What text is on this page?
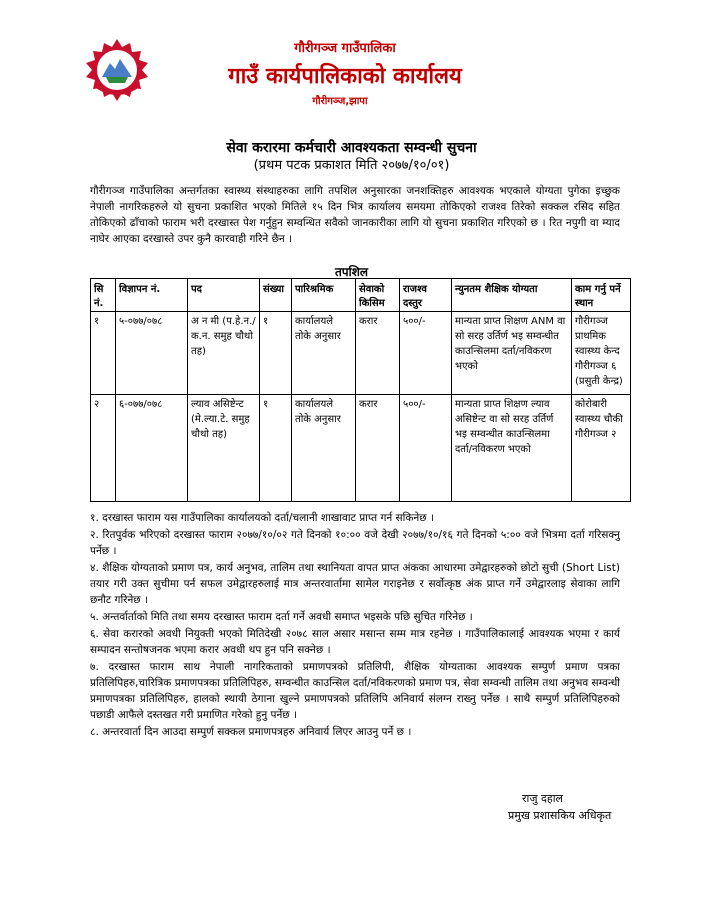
गौरीगञ्ज गाउँपालिका
गाउँ कार्यपालिकाको कार्यालय
गौरीगञ्ज,झापा
सेवा करारमा कर्मचारी आवश्यकता सम्वन्धी सुचना
(प्रथम पटक प्रकाशत मिति २०७७/१०/०१)
गौरीगञ्ज गाउँपालिका अन्तर्गतका स्वास्थ्य संस्थाहरुका लागि तपशिल अनुसारका जनशक्तिहरु आवश्यक भएकाले योग्यता पुगेका इच्छुक नेपाली नागरिकहरुले यो सुचना प्रकाशित भएको मितिले १५ दिन भित्र कार्यालय समयमा तोकिएको राजश्व तिरेको सक्कल रसिद सहित तोकिएको ढाँचाको फाराम भरी दरखास्त पेश गर्नुहुन सम्वन्धित सवैको जानकारीका लागि यो सुचना प्रकाशित गरिएको छ । रित नपुगी वा म्याद नाघेर आएका दरखास्ते उपर कुनै कारवाही गरिने छैन ।
तपशिल
सि नं.	विज्ञापन नं.	पद	संख्या	पारिश्रमिक	सेवाको किसिम	राजश्व दस्तुर	न्युनतम शैक्षिक योग्यता	काम गर्नु पर्ने स्थान
१	५-०७७/०७८	अ न मी (प.हे.न./क.न. समुह चौथो तह)	१	कार्यालयले तोके अनुसार	करार	५००/-	मान्यता प्राप्त शिक्षण ANM वा सो सरह उर्तिर्ण भइ सम्वन्धीत काउन्सिलमा दर्ता/नविकरण भएको	गौरीगञ्ज प्राथमिक स्वास्थ्य केन्द गौरीगञ्ज ६ (प्रसुती केन्द्र)
२	६-०७७/०७८	ल्याव असिष्टेन्ट (मे.ल्या.टे. समुह चौथो तह)	१	कार्यालयले तोके अनुसार	करार	५००/-	मान्यता प्राप्त शिक्षण ल्याव असिष्टेन्ट वा सो सरह उर्तिर्ण भइ सम्वन्धीत काउन्सिलमा दर्ता/नविकरण भएको	कोरोबारी स्वास्थ्य चौकी गौरीगञ्ज २
१. दरखास्त फाराम यस गाउँपालिका कार्यालयको दर्ता/चलानी शाखावाट प्राप्त गर्न सकिनेछ ।
२. रितपुर्वक भरिएको दरखास्त फाराम २०७७/१०/०२ गते दिनको १०:०० वजे देखी २०७७/१०/१६ गते दिनको ५:०० वजे भित्रमा दर्ता गरिसक्नु पर्नेछ ।
४. शैक्षिक योग्यताको प्रमाण पत्र, कार्य अनुभव, तालिम तथा स्थानियता वापत प्राप्त अंकका आधारमा उमेद्वारहरुको छोटो सुची (Short List) तयार गरी उक्त सुचीमा पर्न सफल उमेद्वारहरुलाई मात्र अन्तरवार्तामा सामेल गराइनेछ र सर्वोत्कृष्ठ अंक प्राप्त गर्ने उमेद्वारलाइ सेवाका लागि छनौट गरिनेछ ।
५. अन्तर्वार्ताको मिति तथा समय दरखास्त फाराम दर्ता गर्ने अवधी समाप्त भइसके पछि सुचित गरिनेछ ।
६. सेवा करारको अवधी नियुक्ती भएको मितिदेखी २०७८ साल असार मसान्त सम्म मात्र रहनेछ । गाउँपालिकालाई आवश्यक भएमा र कार्य सम्पादन सन्तोषजनक भएमा करार अवधी थप हुन पनि सक्नेछ ।
७. दरखास्त फाराम साथ नेपाली नागरिकताको प्रमाणपत्रको प्रतिलिपी, शैक्षिक योग्यताका आवश्यक सम्पुर्ण प्रमाण पत्रका प्रतिलिपिहरु,चारित्रिक प्रमाणपत्रका प्रतिलिपिहरु, सम्वन्धीत काउन्सिल दर्ता/नविकरणको प्रमाण पत्र, सेवा सम्वन्धी तालिम तथा अनुभव सम्वन्धी प्रमाणपत्रका प्रतिलिपिहरु, हालको स्थायी ठेगाना खुल्ने प्रमाणपत्रको प्रतिलिपि अनिवार्य संलग्न राख्नु पर्नेछ । साथै सम्पुर्ण प्रतिलिपिहरुको पछाडी आफैले दस्तखत गरी प्रमाणित गरेको हुनु पर्नेछ ।
८. अन्तरवार्ता दिन आउदा सम्पुर्ण सक्कल प्रमाणपत्रहरु अनिवार्य लिएर आउनु पर्ने छ ।
राजु दहाल
प्रमुख प्रशासकिय अधिकृत
